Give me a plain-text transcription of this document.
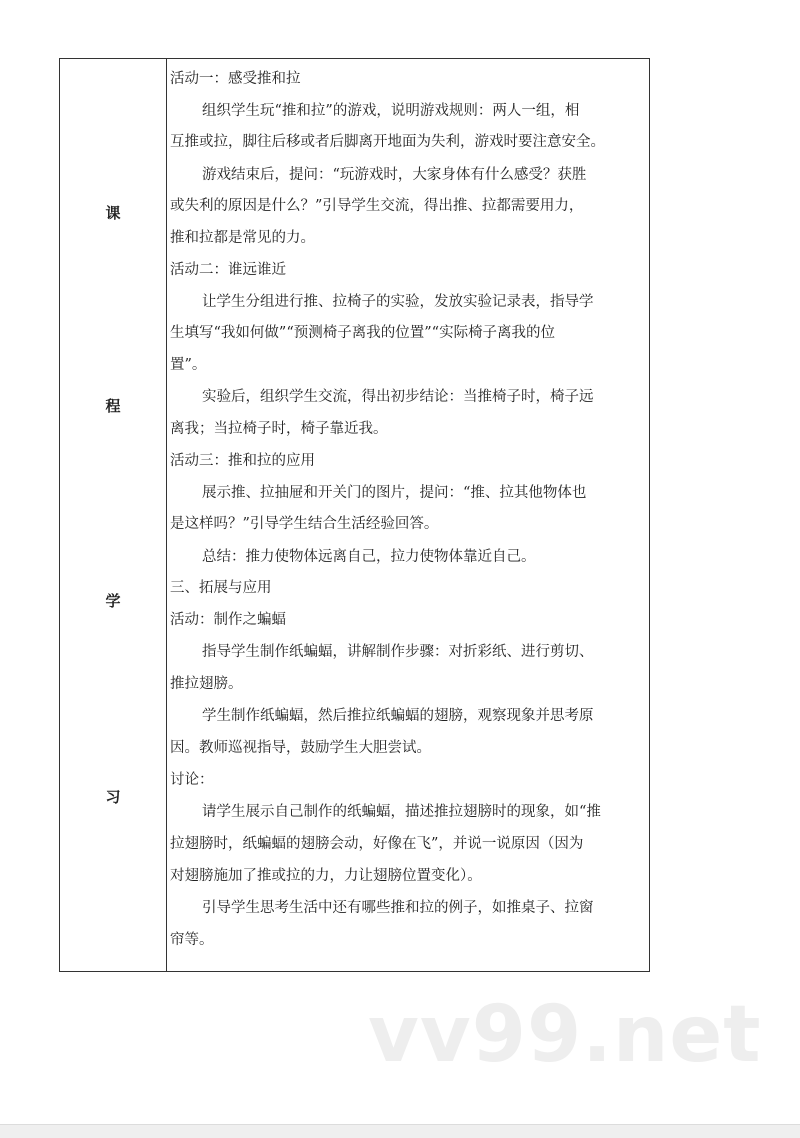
课
程
学
习
活动一：感受推和拉
组织学生玩“推和拉”的游戏，说明游戏规则：两人一组，相
互推或拉，脚往后移或者后脚离开地面为失利，游戏时要注意安全。
游戏结束后，提问：“玩游戏时，大家身体有什么感受？获胜
或失利的原因是什么？”引导学生交流，得出推、拉都需要用力，
推和拉都是常见的力。
活动二：谁远谁近
让学生分组进行推、拉椅子的实验，发放实验记录表，指导学
生填写“我如何做”“预测椅子离我的位置”“实际椅子离我的位
置”。
实验后，组织学生交流，得出初步结论：当推椅子时，椅子远
离我；当拉椅子时，椅子靠近我。
活动三：推和拉的应用
展示推、拉抽屉和开关门的图片，提问：“推、拉其他物体也
是这样吗？”引导学生结合生活经验回答。
总结：推力使物体远离自己，拉力使物体靠近自己。
三、拓展与应用
活动：制作之蝙蝠
指导学生制作纸蝙蝠，讲解制作步骤：对折彩纸、进行剪切、
推拉翅膀。
学生制作纸蝙蝠，然后推拉纸蝙蝠的翅膀，观察现象并思考原
因。教师巡视指导，鼓励学生大胆尝试。
讨论：
请学生展示自己制作的纸蝙蝠，描述推拉翅膀时的现象，如“推
拉翅膀时，纸蝙蝠的翅膀会动，好像在飞”，并说一说原因（因为
对翅膀施加了推或拉的力，力让翅膀位置变化）。
引导学生思考生活中还有哪些推和拉的例子，如推桌子、拉窗
帘等。
vv99.net
